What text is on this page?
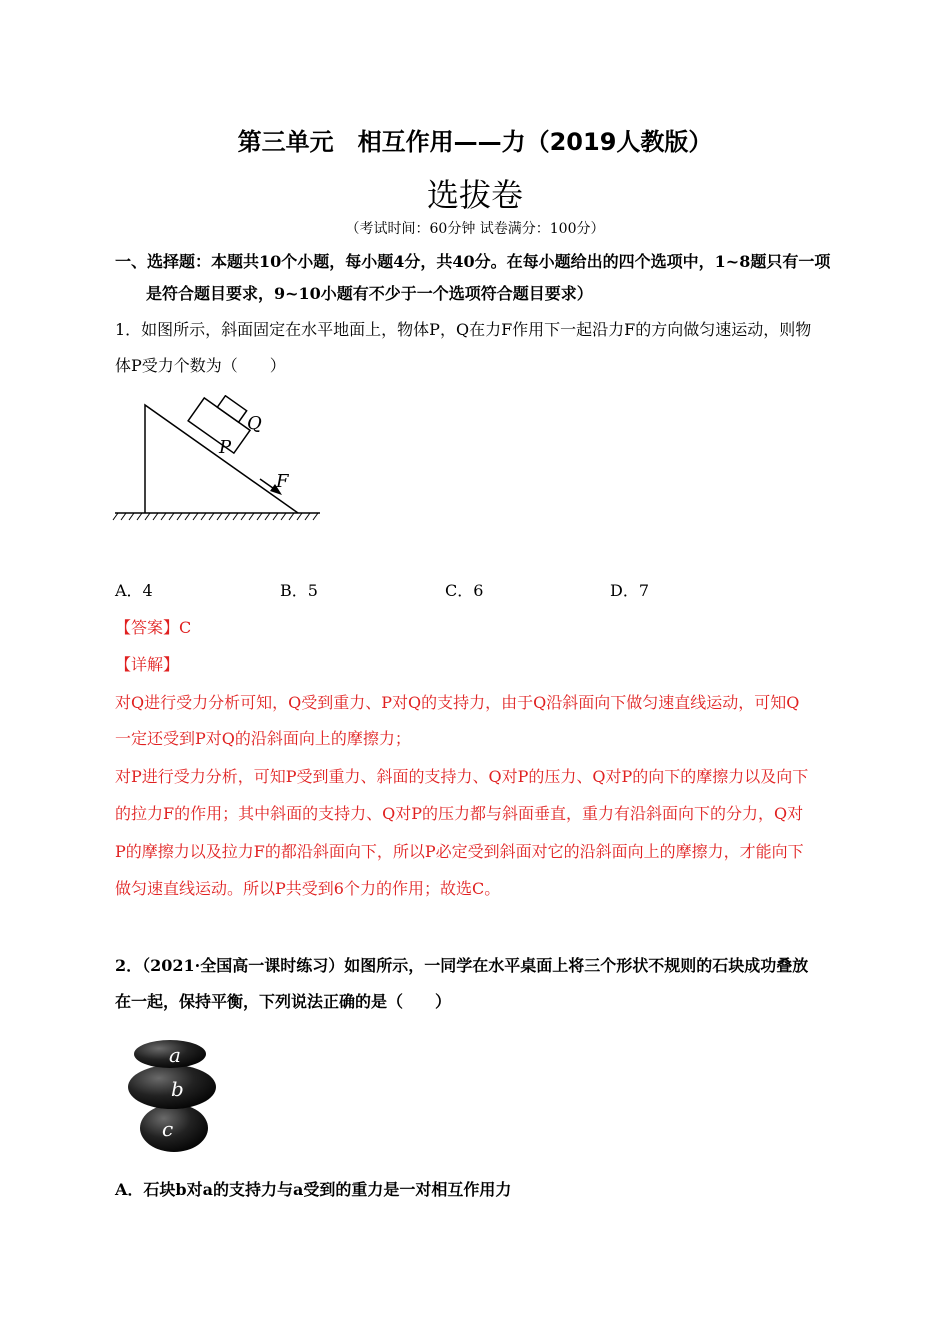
第三单元　相互作用——力（2019人教版）
选拔卷
（考试时间：60分钟 试卷满分：100分）
一、选择题：本题共10个小题，每小题4分，共40分。在每小题给出的四个选项中，1~8题只有一项
是符合题目要求，9~10小题有不少于一个选项符合题目要求）
1．如图所示，斜面固定在水平地面上，物体P，Q在力F作用下一起沿力F的方向做匀速运动，则物
体P受力个数为（　　）
Q
P
F
A．4	B．5	C．6	D．7
【答案】C
【详解】
对Q进行受力分析可知，Q受到重力、P对Q的支持力，由于Q沿斜面向下做匀速直线运动，可知Q
一定还受到P对Q的沿斜面向上的摩擦力；
对P进行受力分析，可知P受到重力、斜面的支持力、Q对P的压力、Q对P的向下的摩擦力以及向下
的拉力F的作用；其中斜面的支持力、Q对P的压力都与斜面垂直，重力有沿斜面向下的分力，Q对
P的摩擦力以及拉力F的都沿斜面向下，所以P必定受到斜面对它的沿斜面向上的摩擦力，才能向下
做匀速直线运动。所以P共受到6个力的作用；故选C。
2．（2021·全国高一课时练习）如图所示，一同学在水平桌面上将三个形状不规则的石块成功叠放
在一起，保持平衡，下列说法正确的是（　　）
a
b
c
A．石块b对a的支持力与a受到的重力是一对相互作用力
